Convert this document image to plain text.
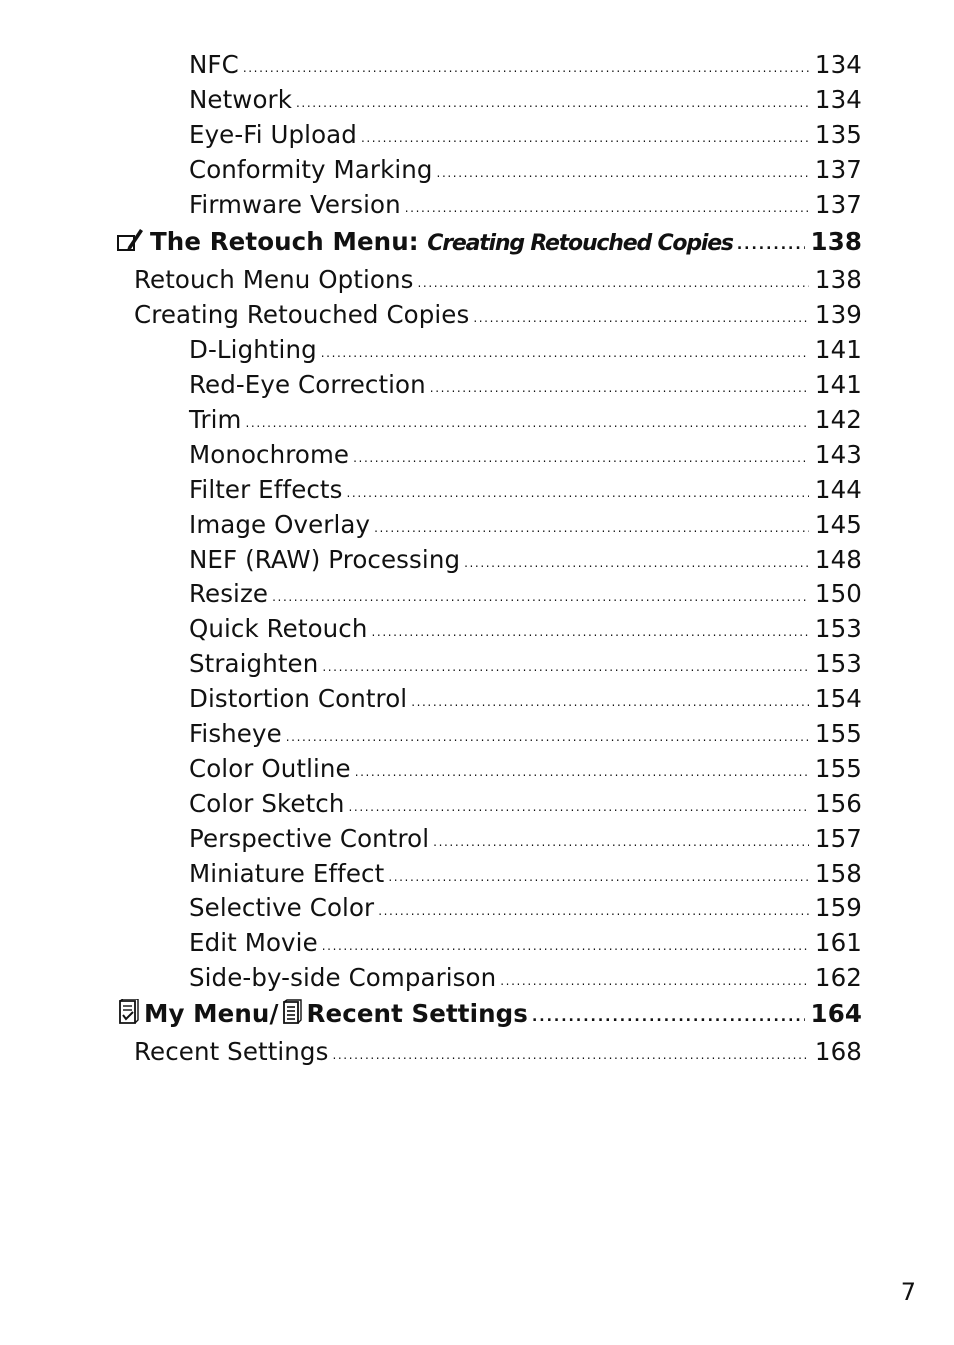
NFC .....	134
Network .....	134
Eye-Fi Upload .....	135
Conformity Marking .....	137
Firmware Version .....	137
The Retouch Menu: Creating Retouched Copies .....	138
Retouch Menu Options .....	138
Creating Retouched Copies .....	139
D-Lighting .....	141
Red-Eye Correction .....	141
Trim .....	142
Monochrome .....	143
Filter Effects .....	144
Image Overlay .....	145
NEF (RAW) Processing .....	148
Resize .....	150
Quick Retouch .....	153
Straighten .....	153
Distortion Control .....	154
Fisheye .....	155
Color Outline .....	155
Color Sketch .....	156
Perspective Control .....	157
Miniature Effect .....	158
Selective Color .....	159
Edit Movie .....	161
Side-by-side Comparison .....	162
My Menu/ Recent Settings .....	164
Recent Settings .....	168
7
